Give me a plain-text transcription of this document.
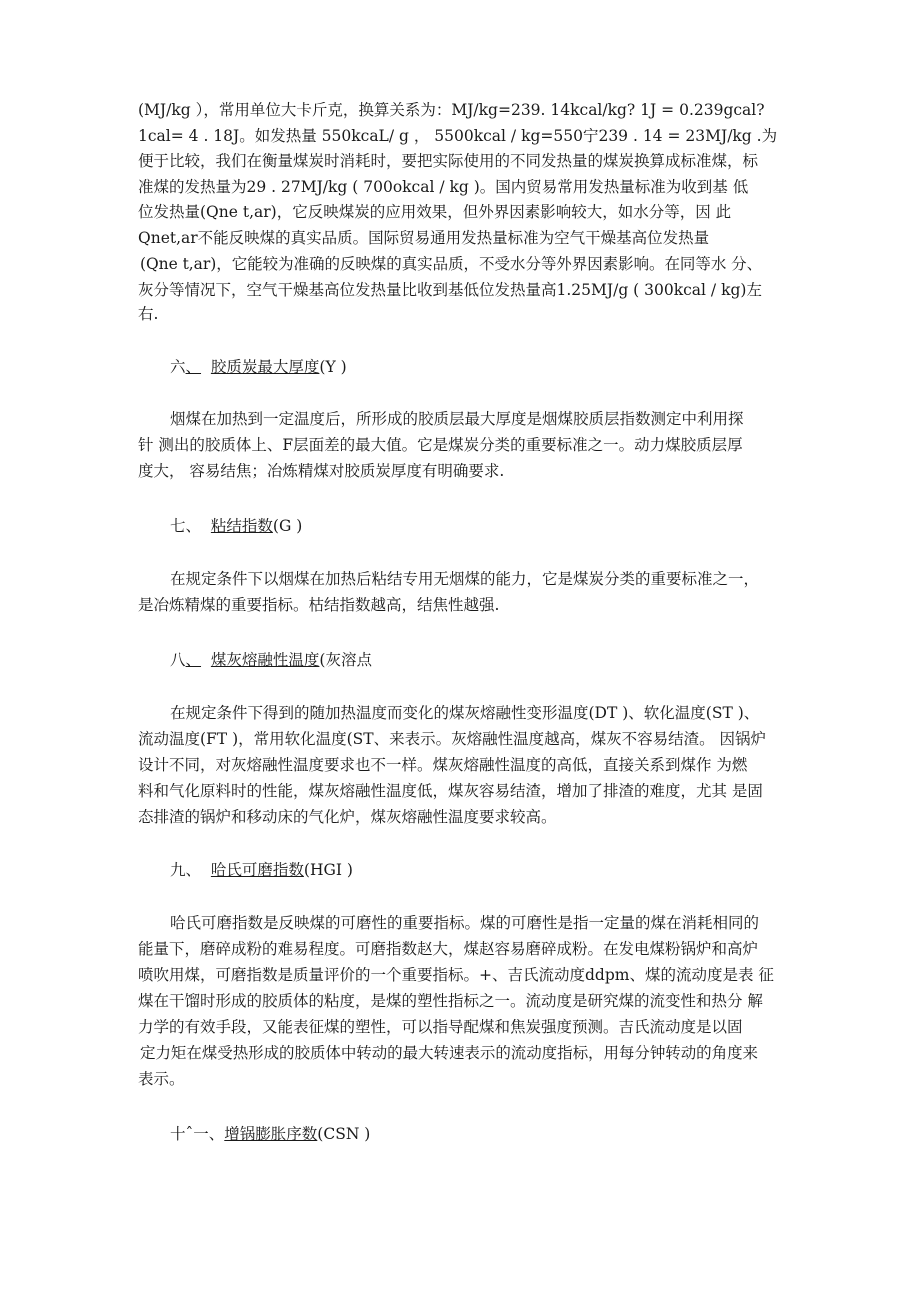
(MJ/kg ），常用单位大卡斤克，换算关系为：MJ/kg=239. 14kcal/kg? 1J = 0.239gcal?
1cal= 4 . 18J。如发热量 550kcaL/ g ， 5500kcal / kg=550宁239 . 14 = 23MJ/kg .为
便于比较，我们在衡量煤炭时消耗时，要把实际使用的不同发热量的煤炭换算成标准煤，标
准煤的发热量为29 . 27MJ/kg ( 700okcal / kg )。国内贸易常用发热量标准为收到基 低
位发热量(Qne t,ar)，它反映煤炭的应用效果，但外界因素影响较大，如水分等，因 此
Qnet,ar不能反映煤的真实品质。国际贸易通用发热量标准为空气干燥基高位发热量
(Qne t,ar)，它能较为准确的反映煤的真实品质，不受水分等外界因素影响。在同等水 分、
灰分等情况下，空气干燥基高位发热量比收到基低位发热量高1.25MJ/g ( 300kcal / kg)左
右.
六、 胶质炭最大厚度(Y )
烟煤在加热到一定温度后，所形成的胶质层最大厚度是烟煤胶质层指数测定中利用探
针 测出的胶质体上、F层面差的最大值。它是煤炭分类的重要标准之一。动力煤胶质层厚
度大， 容易结焦；冶炼精煤对胶质炭厚度有明确要求.
七、 粘结指数(G )
在规定条件下以烟煤在加热后粘结专用无烟煤的能力，它是煤炭分类的重要标准之一，
是冶炼精煤的重要指标。枯结指数越高，结焦性越强.
八、 煤灰熔融性温度(灰溶点
在规定条件下得到的随加热温度而变化的煤灰熔融性变形温度(DT )、软化温度(ST )、
流动温度(FT )，常用软化温度(ST、来表示。灰熔融性温度越高，煤灰不容易结渣。 因锅炉
设计不同，对灰熔融性温度要求也不一样。煤灰熔融性温度的高低，直接关系到煤作 为燃
料和气化原料时的性能，煤灰熔融性温度低，煤灰容易结渣，增加了排渣的难度，尤其 是固
态排渣的锅炉和移动床的气化炉，煤灰熔融性温度要求较高。
九、 哈氏可磨指数(HGI )
哈氏可磨指数是反映煤的可磨性的重要指标。煤的可磨性是指一定量的煤在消耗相同的
能量下，磨碎成粉的难易程度。可磨指数赵大，煤赵容易磨碎成粉。在发电煤粉锅炉和高炉
喷吹用煤，可磨指数是质量评价的一个重要指标。+、吉氏流动度ddpm、煤的流动度是表 征
煤在干馏时形成的胶质体的粘度，是煤的塑性指标之一。流动度是研究煤的流变性和热分 解
力学的有效手段，又能表征煤的塑性，可以指导配煤和焦炭强度预测。吉氏流动度是以固
定力矩在煤受热形成的胶质体中转动的最大转速表示的流动度指标，用每分钟转动的角度来
表示。
十ˆ一、增锅膨胀序数(CSN )
